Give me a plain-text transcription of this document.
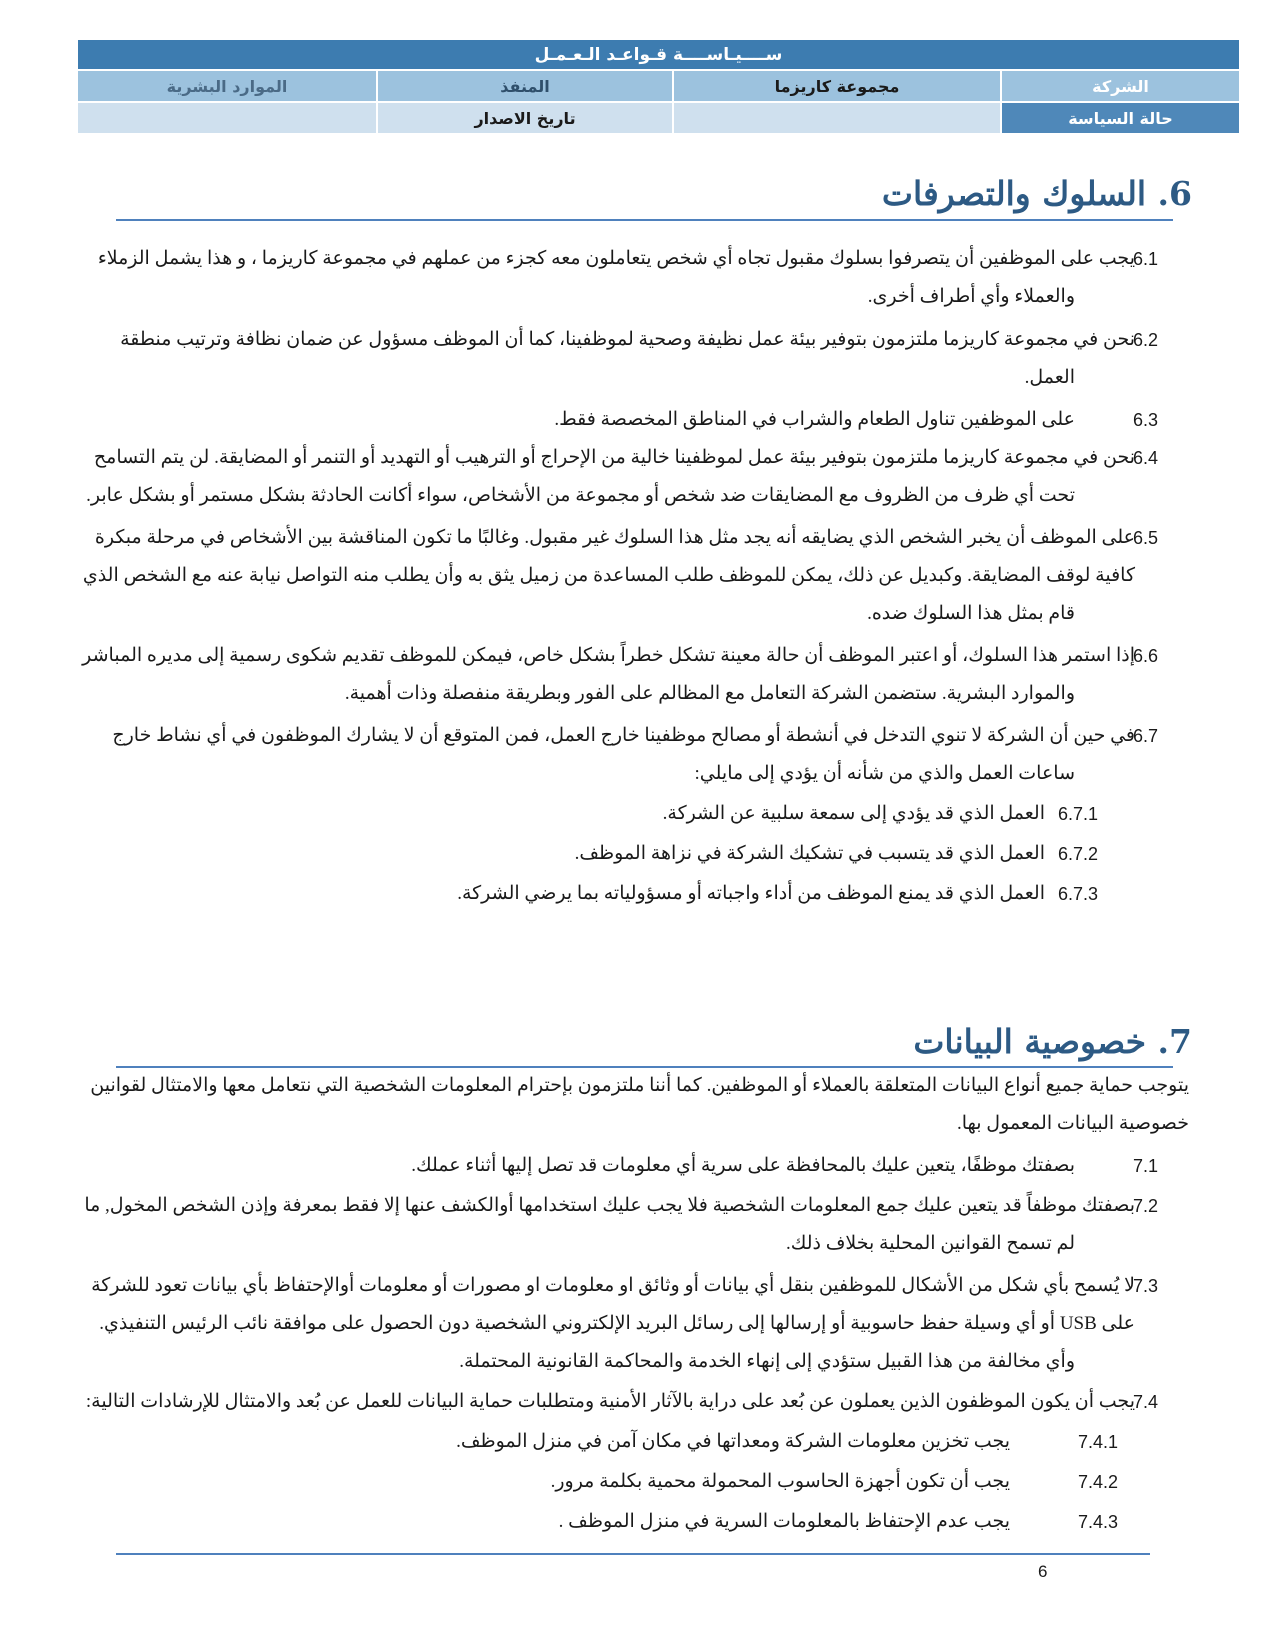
ســــيـاســــة قـواعـد الـعـمـل
الشركة
مجموعة كاريزما
المنفذ
الموارد البشرية
حالة السياسة
تاريخ الاصدار
6. السلوك والتصرفات
6.1
يجب على الموظفين أن يتصرفوا بسلوك مقبول تجاه أي شخص يتعاملون معه كجزء من عملهم في مجموعة كاريزما ، و هذا يشمل الزملاء
والعملاء وأي أطراف أخرى.
6.2
نحن في مجموعة كاريزما ملتزمون بتوفير بيئة عمل نظيفة وصحية لموظفينا، كما أن الموظف مسؤول عن ضمان نظافة وترتيب منطقة
العمل.
6.3
على الموظفين تناول الطعام والشراب في المناطق المخصصة فقط.
6.4
نحن في مجموعة كاريزما ملتزمون بتوفير بيئة عمل لموظفينا خالية من الإحراج أو الترهيب أو التهديد أو التنمر أو المضايقة. لن يتم التسامح
تحت أي ظرف من الظروف مع المضايقات ضد شخص أو مجموعة من الأشخاص، سواء أكانت الحادثة بشكل مستمر أو بشكل عابر.
6.5
على الموظف أن يخبر الشخص الذي يضايقه أنه يجد مثل هذا السلوك غير مقبول. وغالبًا ما تكون المناقشة بين الأشخاص في مرحلة مبكرة
كافية لوقف المضايقة. وكبديل عن ذلك، يمكن للموظف طلب المساعدة من زميل يثق به وأن يطلب منه التواصل نيابة عنه مع الشخص الذي
قام بمثل هذا السلوك ضده.
6.6
إذا استمر هذا السلوك، أو اعتبر الموظف أن حالة معينة تشكل خطراً بشكل خاص، فيمكن للموظف تقديم شكوى رسمية إلى مديره المباشر
والموارد البشرية. ستضمن الشركة التعامل مع المظالم على الفور وبطريقة منفصلة وذات أهمية.
6.7
في حين أن الشركة لا تنوي التدخل في أنشطة أو مصالح موظفينا خارج العمل، فمن المتوقع أن لا يشارك الموظفون في أي نشاط خارج
ساعات العمل والذي من شأنه أن يؤدي إلى مايلي:
6.7.1
العمل الذي قد يؤدي إلى سمعة سلبية عن الشركة.
6.7.2
العمل الذي قد يتسبب في تشكيك الشركة في نزاهة الموظف.
6.7.3
العمل الذي قد يمنع الموظف من أداء واجباته أو مسؤولياته بما يرضي الشركة.
7. خصوصية البيانات
يتوجب حماية جميع أنواع البيانات المتعلقة بالعملاء أو الموظفين. كما أننا ملتزمون بإحترام المعلومات الشخصية التي نتعامل معها والامتثال لقوانين
خصوصية البيانات المعمول بها.
7.1
بصفتك موظفًا، يتعين عليك بالمحافظة على سرية أي معلومات قد تصل إليها أثناء عملك.
7.2
بصفتك موظفاً قد يتعين عليك جمع المعلومات الشخصية فلا يجب عليك استخدامها أوالكشف عنها إلا فقط بمعرفة وإذن الشخص المخول, ما
لم تسمح القوانين المحلية بخلاف ذلك.
7.3
لا يُسمح بأي شكل من الأشكال للموظفين بنقل أي بيانات أو وثائق او معلومات او مصورات أو معلومات أوالإحتفاظ بأي بيانات تعود للشركة
على USB أو أي وسيلة حفظ حاسوبية أو إرسالها إلى رسائل البريد الإلكتروني الشخصية دون الحصول على موافقة نائب الرئيس التنفيذي.
وأي مخالفة من هذا القبيل ستؤدي إلى إنهاء الخدمة والمحاكمة القانونية المحتملة.
7.4
يجب أن يكون الموظفون الذين يعملون عن بُعد على دراية بالآثار الأمنية ومتطلبات حماية البيانات للعمل عن بُعد والامتثال للإرشادات التالية:
7.4.1
يجب تخزين معلومات الشركة ومعداتها في مكان آمن في منزل الموظف.
7.4.2
يجب أن تكون أجهزة الحاسوب المحمولة محمية بكلمة مرور.
7.4.3
يجب عدم الإحتفاظ بالمعلومات السرية في منزل الموظف .
6
